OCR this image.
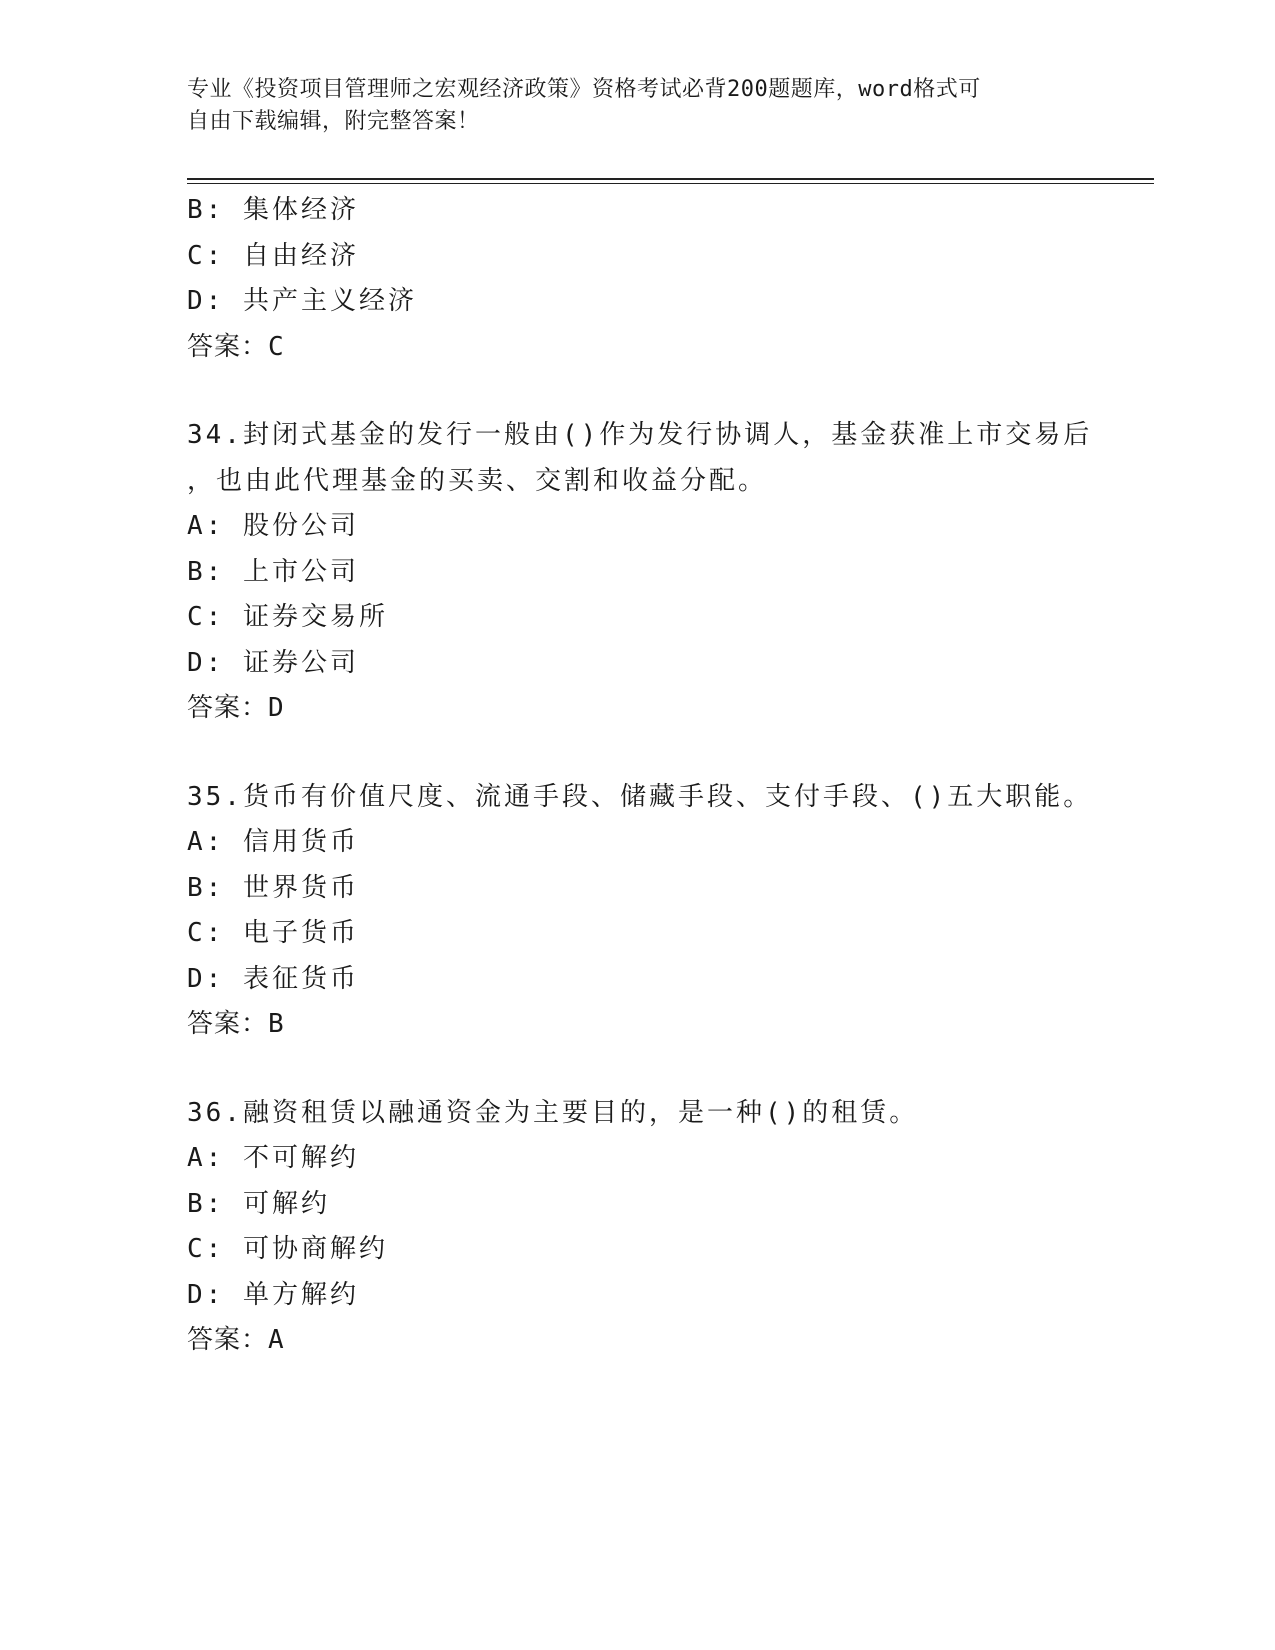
专业《投资项目管理师之宏观经济政策》资格考试必背200题题库，word格式可
自由下载编辑，附完整答案！
B: 集体经济
C: 自由经济
D: 共产主义经济
答案：C
34.封闭式基金的发行一般由()作为发行协调人，基金获准上市交易后
，也由此代理基金的买卖、交割和收益分配。
A: 股份公司
B: 上市公司
C: 证券交易所
D: 证券公司
答案：D
35.货币有价值尺度、流通手段、储藏手段、支付手段、()五大职能。
A: 信用货币
B: 世界货币
C: 电子货币
D: 表征货币
答案：B
36.融资租赁以融通资金为主要目的，是一种()的租赁。
A: 不可解约
B: 可解约
C: 可协商解约
D: 单方解约
答案：A
